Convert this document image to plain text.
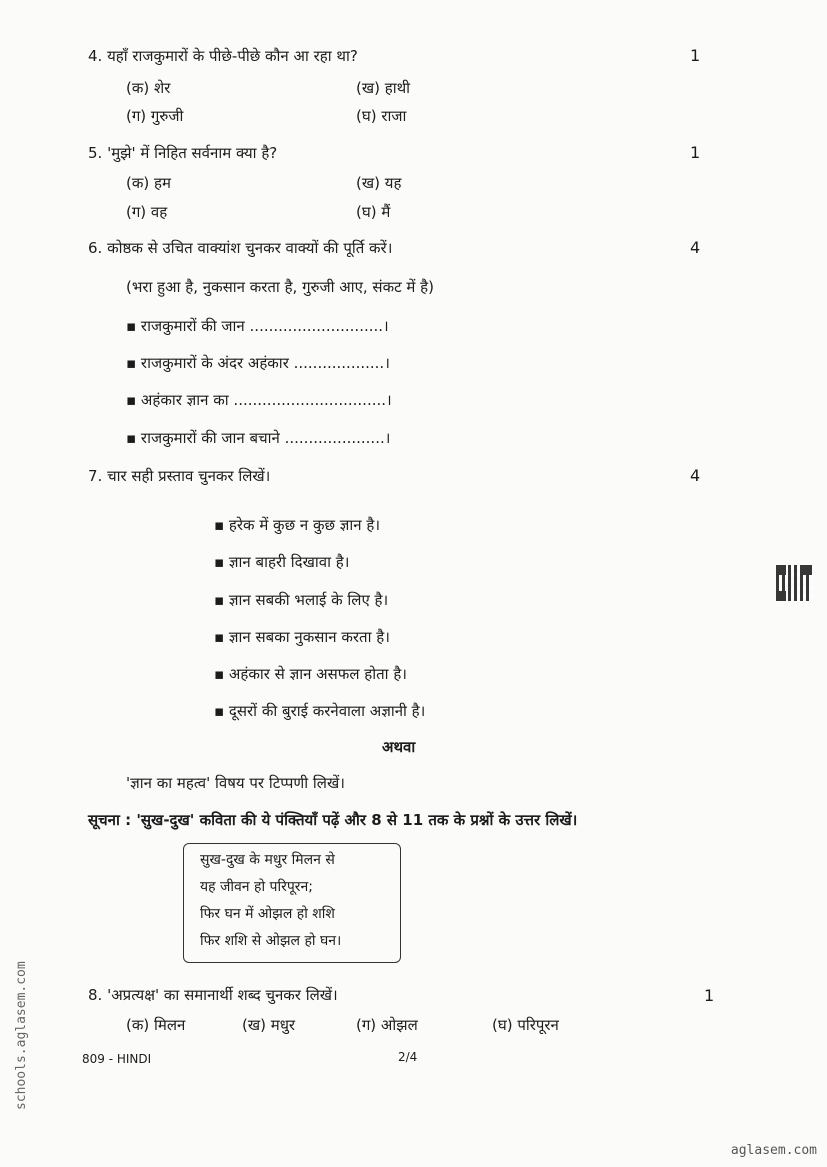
4. यहाँ राजकुमारों के पीछे-पीछे कौन आ रहा था?	1
(क) शेर	(ख) हाथी
(ग) गुरुजी	(घ) राजा
5. 'मुझे' में निहित सर्वनाम क्या है?	1
(क) हम	(ख) यह
(ग) वह	(घ) मैं
6. कोष्ठक से उचित वाक्यांश चुनकर वाक्यों की पूर्ति करें।	4
(भरा हुआ है, नुकसान करता है, गुरुजी आए, संकट में है)
▪ राजकुमारों की जान ............................।
▪ राजकुमारों के अंदर अहंकार ...................।
▪ अहंकार ज्ञान का ................................।
▪ राजकुमारों की जान बचाने .....................।
7. चार सही प्रस्ताव चुनकर लिखें।	4
▪ हरेक में कुछ न कुछ ज्ञान है।
▪ ज्ञान बाहरी दिखावा है।
▪ ज्ञान सबकी भलाई के लिए है।
▪ ज्ञान सबका नुकसान करता है।
▪ अहंकार से ज्ञान असफल होता है।
▪ दूसरों की बुराई करनेवाला अज्ञानी है।
अथवा
'ज्ञान का महत्व' विषय पर टिप्पणी लिखें।
सूचना : 'सुख-दुख' कविता की ये पंक्तियाँ पढ़ें और 8 से 11 तक के प्रश्नों के उत्तर लिखें।
सुख-दुख के मधुर मिलन से
यह जीवन हो परिपूरन;
फिर घन में ओझल हो शशि
फिर शशि से ओझल हो घन।
8. 'अप्रत्यक्ष' का समानार्थी शब्द चुनकर लिखें।	1
(क) मिलन	(ख) मधुर	(ग) ओझल	(घ) परिपूरन
809 - HINDI	2/4
schools.aglasem.com
aglasem.com
